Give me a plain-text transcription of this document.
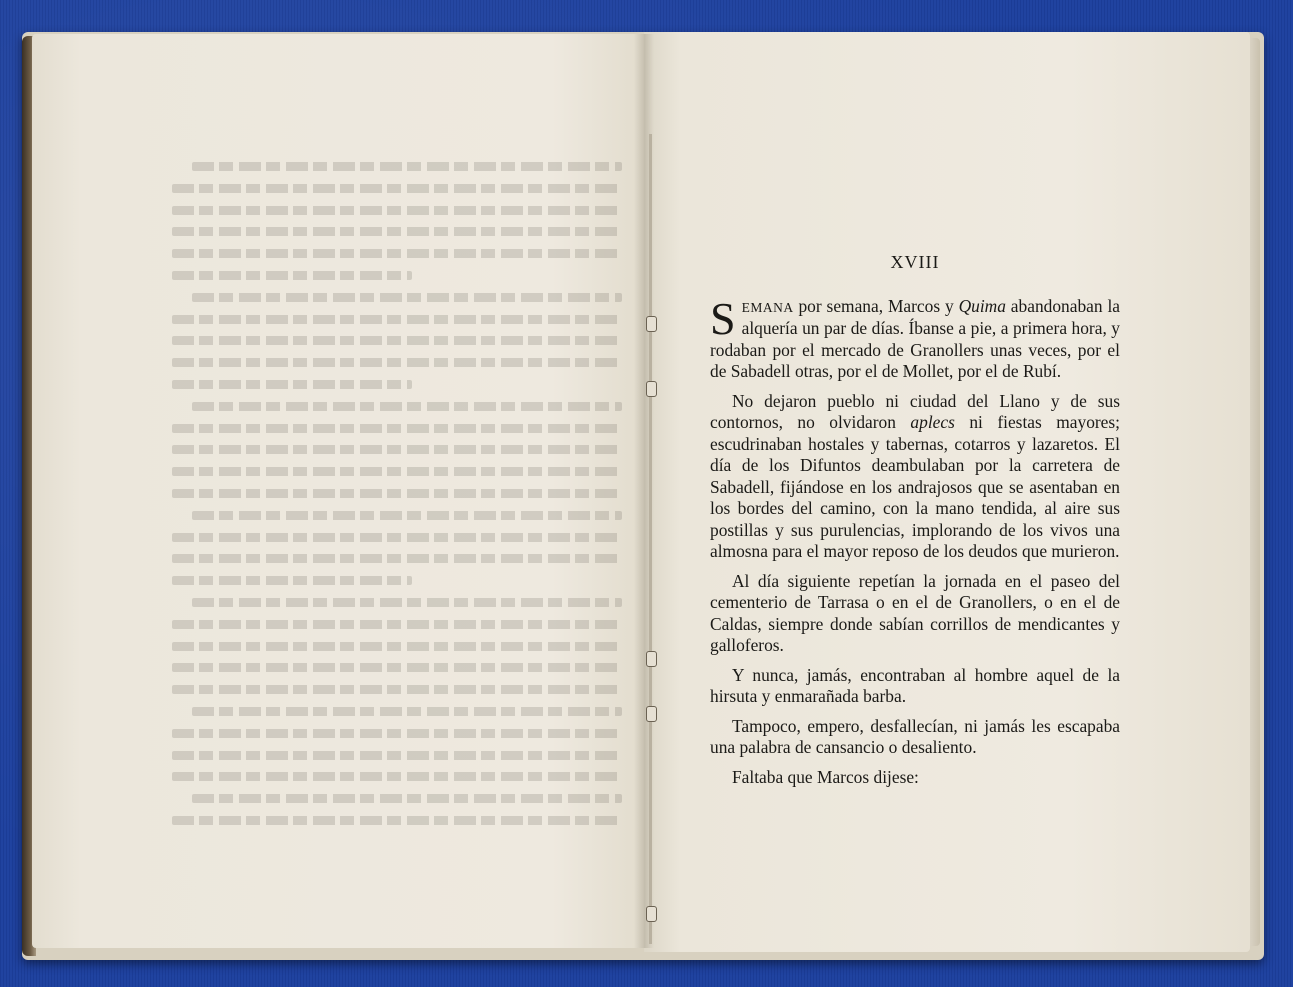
XVIII

SEMANA por semana, Marcos y Quima abandonaban la alquería un par de días. Íbanse a pie, a primera hora, y rodaban por el mercado de Granollers unas veces, por el de Sabadell otras, por el de Mollet, por el de Rubí.

No dejaron pueblo ni ciudad del Llano y de sus contornos, no olvidaron aplecs ni fiestas mayores; escudrinaban hostales y tabernas, cotarros y lazaretos. El día de los Difuntos deambulaban por la carretera de Sabadell, fijándose en los andrajosos que se asentaban en los bordes del camino, con la mano tendida, al aire sus postillas y sus purulencias, implorando de los vivos una almosna para el mayor reposo de los deudos que murieron.

Al día siguiente repetían la jornada en el paseo del cementerio de Tarrasa o en el de Granollers, o en el de Caldas, siempre donde sabían corrillos de mendicantes y galloferos.

Y nunca, jamás, encontraban al hombre aquel de la hirsuta y enmarañada barba.

Tampoco, empero, desfallecían, ni jamás les escapaba una palabra de cansancio o desaliento.

Faltaba que Marcos dijese:
